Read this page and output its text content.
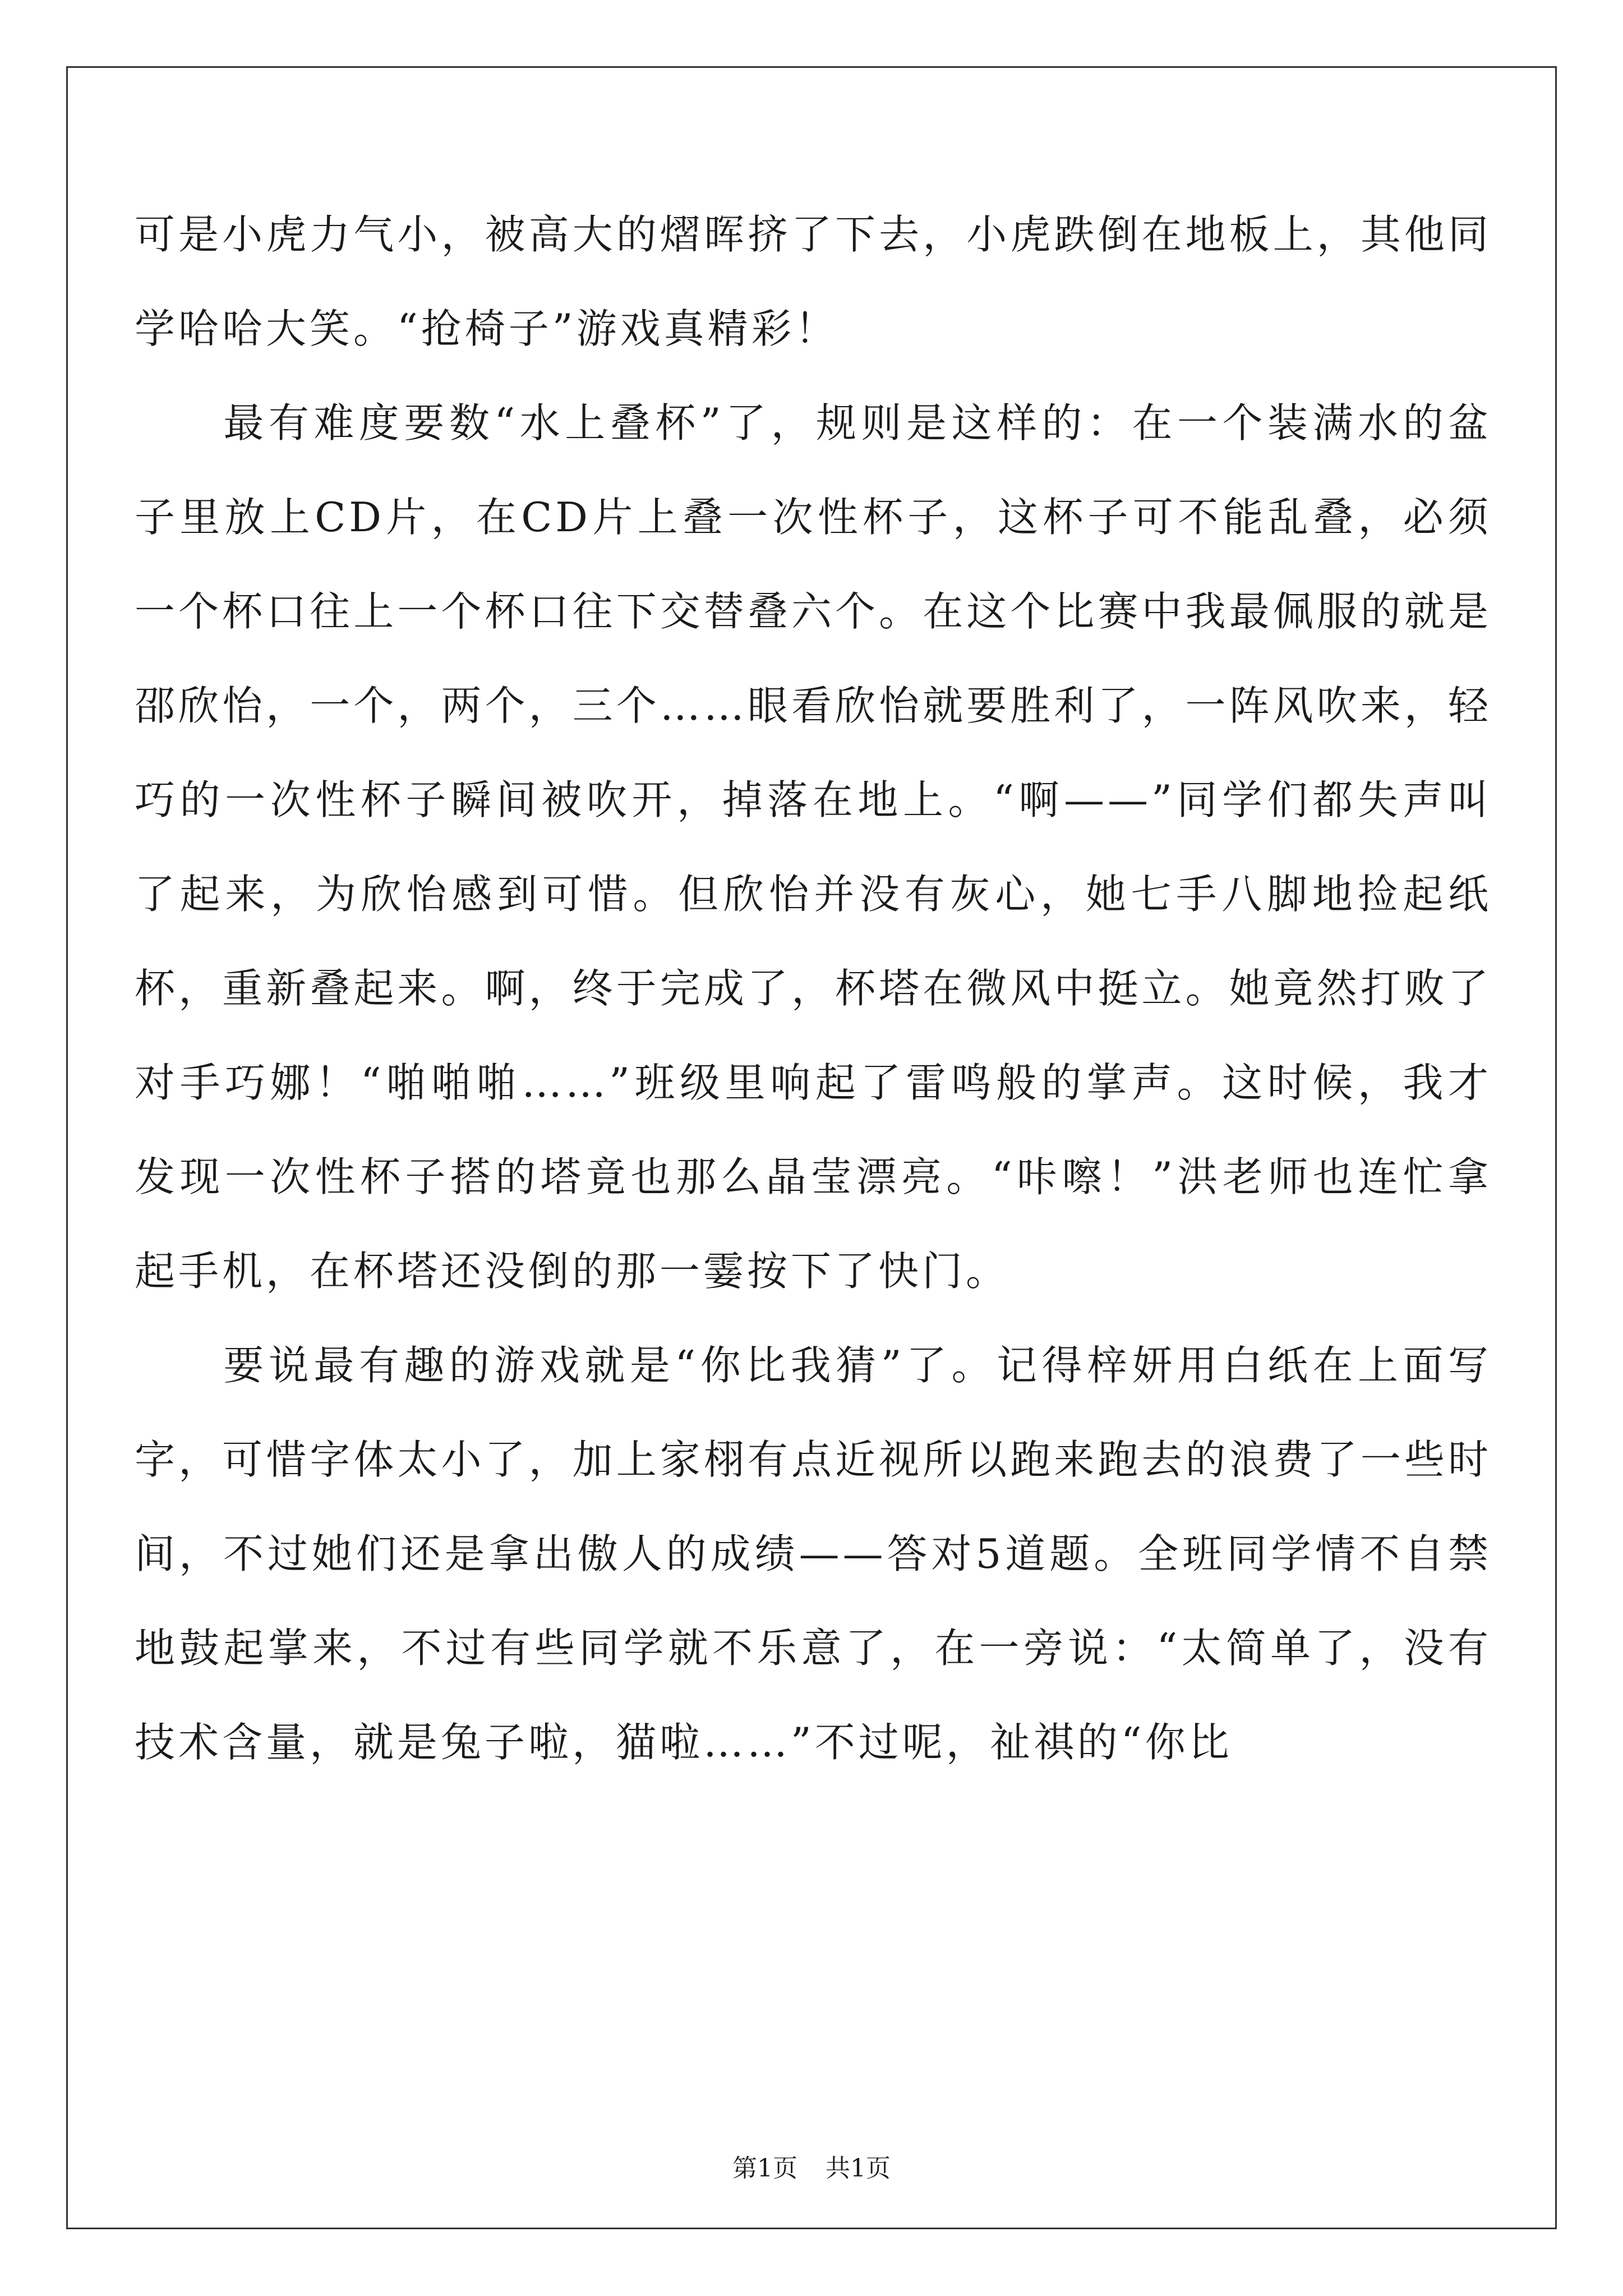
可是小虎力气小，被高大的熠晖挤了下去，小虎跌倒在地板上，其他同学哈哈大笑。“抢椅子”游戏真精彩！

最有难度要数“水上叠杯”了，规则是这样的：在一个装满水的盆子里放上CD片，在CD片上叠一次性杯子，这杯子可不能乱叠，必须一个杯口往上一个杯口往下交替叠六个。在这个比赛中我最佩服的就是邵欣怡，一个，两个，三个……眼看欣怡就要胜利了，一阵风吹来，轻巧的一次性杯子瞬间被吹开，掉落在地上。“啊——”同学们都失声叫了起来，为欣怡感到可惜。但欣怡并没有灰心，她七手八脚地捡起纸杯，重新叠起来。啊，终于完成了，杯塔在微风中挺立。她竟然打败了对手巧娜！“啪啪啪……”班级里响起了雷鸣般的掌声。这时候，我才发现一次性杯子搭的塔竟也那么晶莹漂亮。“咔嚓！”洪老师也连忙拿起手机，在杯塔还没倒的那一霎按下了快门。

要说最有趣的游戏就是“你比我猜”了。记得梓妍用白纸在上面写字，可惜字体太小了，加上家栩有点近视所以跑来跑去的浪费了一些时间，不过她们还是拿出傲人的成绩——答对5道题。全班同学情不自禁地鼓起掌来，不过有些同学就不乐意了，在一旁说：“太简单了，没有技术含量，就是兔子啦，猫啦……”不过呢，祉祺的“你比

第1页 共1页
